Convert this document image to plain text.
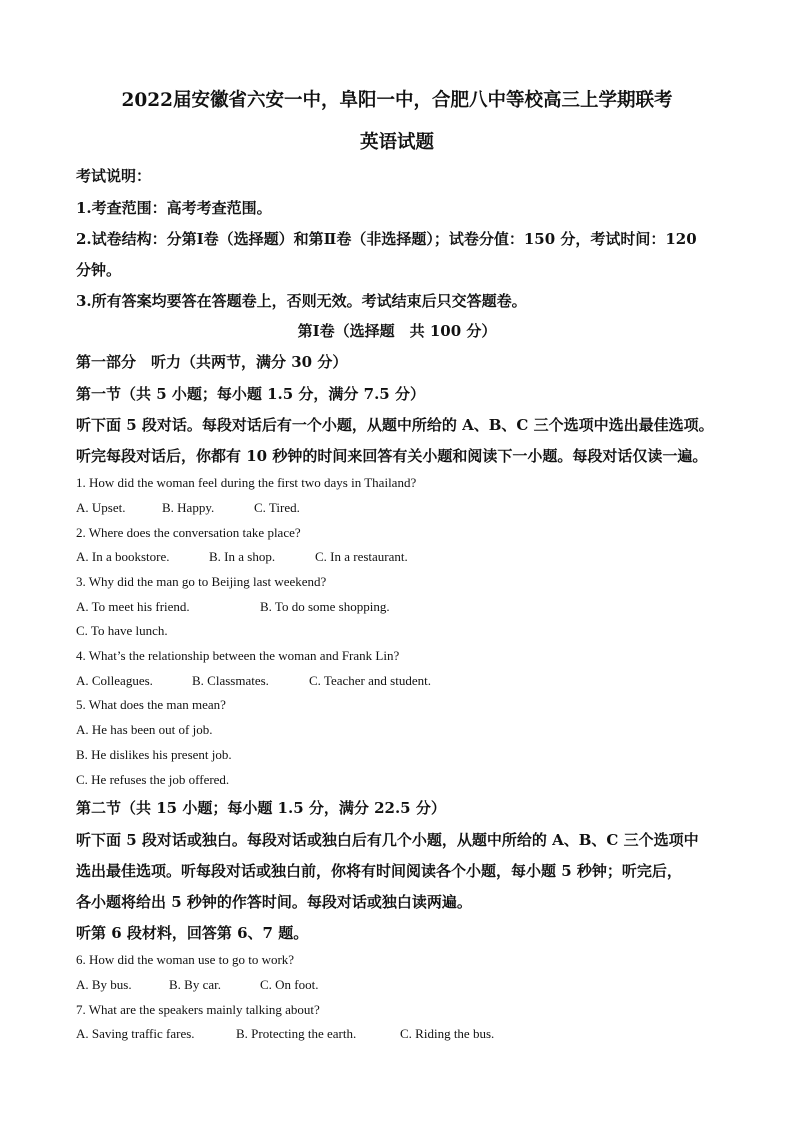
2022届安徽省六安一中，阜阳一中，合肥八中等校高三上学期联考
英语试题
考试说明：
1.考查范围：高考考查范围。
2.试卷结构：分第Ⅰ卷（选择题）和第Ⅱ卷（非选择题）；试卷分值：150 分，考试时间：120
分钟。
3.所有答案均要答在答题卷上，否则无效。考试结束后只交答题卷。
第Ⅰ卷（选择题　共 100 分）
第一部分　听力（共两节，满分 30 分）
第一节（共 5 小题；每小题 1.5 分，满分 7.5 分）
听下面 5 段对话。每段对话后有一个小题，从题中所给的 A、B、C 三个选项中选出最佳选项。
听完每段对话后，你都有 10 秒钟的时间来回答有关小题和阅读下一小题。每段对话仅读一遍。
1. How did the woman feel during the first two days in Thailand?
A. Upset.	B. Happy.	C. Tired.
2. Where does the conversation take place?
A. In a bookstore.	B. In a shop.	C. In a restaurant.
3. Why did the man go to Beijing last weekend?
A. To meet his friend.	B. To do some shopping.
C. To have lunch.
4. What’s the relationship between the woman and Frank Lin?
A. Colleagues.	B. Classmates.	C. Teacher and student.
5. What does the man mean?
A. He has been out of job.
B. He dislikes his present job.
C. He refuses the job offered.
第二节（共 15 小题；每小题 1.5 分，满分 22.5 分）
听下面 5 段对话或独白。每段对话或独白后有几个小题，从题中所给的 A、B、C 三个选项中
选出最佳选项。听每段对话或独白前，你将有时间阅读各个小题，每小题 5 秒钟；听完后，
各小题将给出 5 秒钟的作答时间。每段对话或独白读两遍。
听第 6 段材料，回答第 6、7 题。
6. How did the woman use to go to work?
A. By bus.	B. By car.	C. On foot.
7. What are the speakers mainly talking about?
A. Saving traffic fares.	B. Protecting the earth.	C. Riding the bus.
